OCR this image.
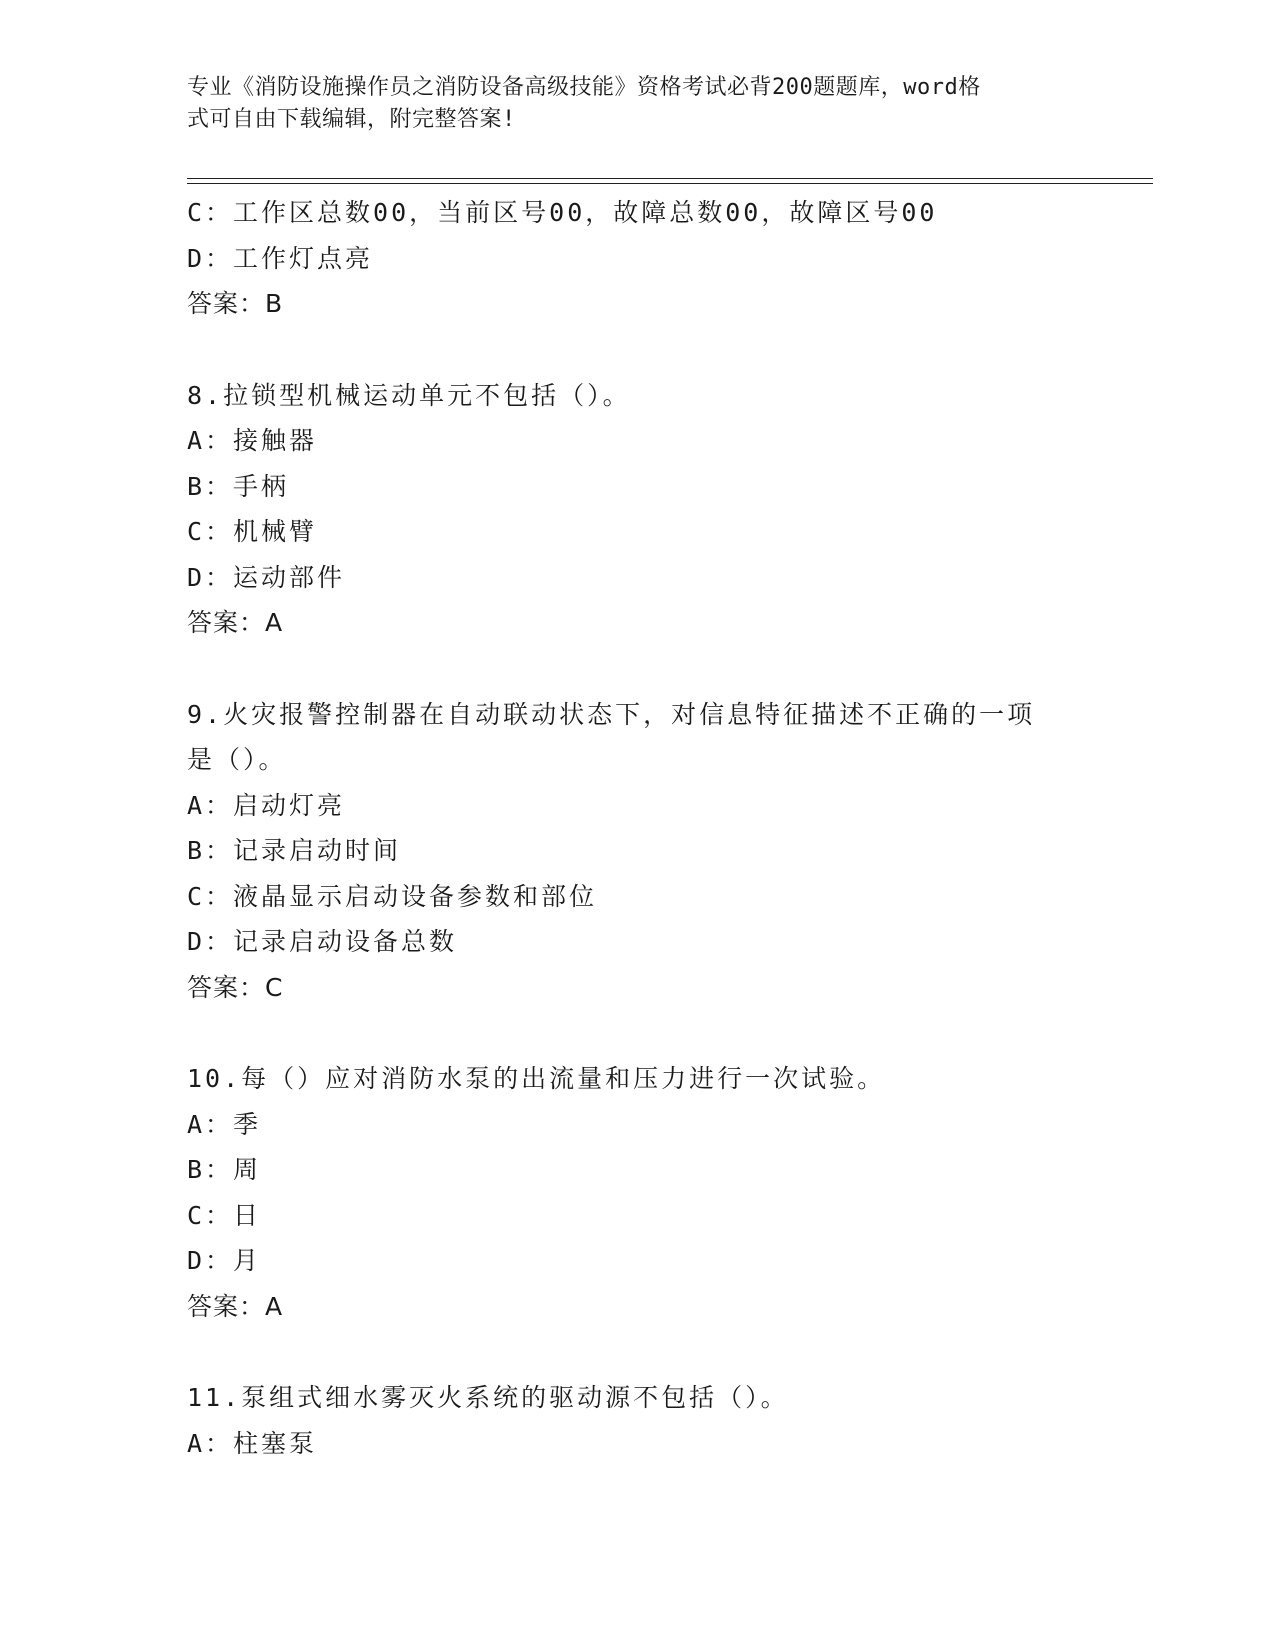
专业《消防设施操作员之消防设备高级技能》资格考试必背200题题库，word格
式可自由下载编辑，附完整答案!
C：工作区总数00，当前区号00，故障总数00，故障区号00
D：工作灯点亮
答案：B
8.拉锁型机械运动单元不包括（）。
A：接触器
B：手柄
C：机械臂
D：运动部件
答案：A
9.火灾报警控制器在自动联动状态下，对信息特征描述不正确的一项
是（）。
A：启动灯亮
B：记录启动时间
C：液晶显示启动设备参数和部位
D：记录启动设备总数
答案：C
10.每（）应对消防水泵的出流量和压力进行一次试验。
A：季
B：周
C：日
D：月
答案：A
11.泵组式细水雾灭火系统的驱动源不包括（）。
A：柱塞泵
